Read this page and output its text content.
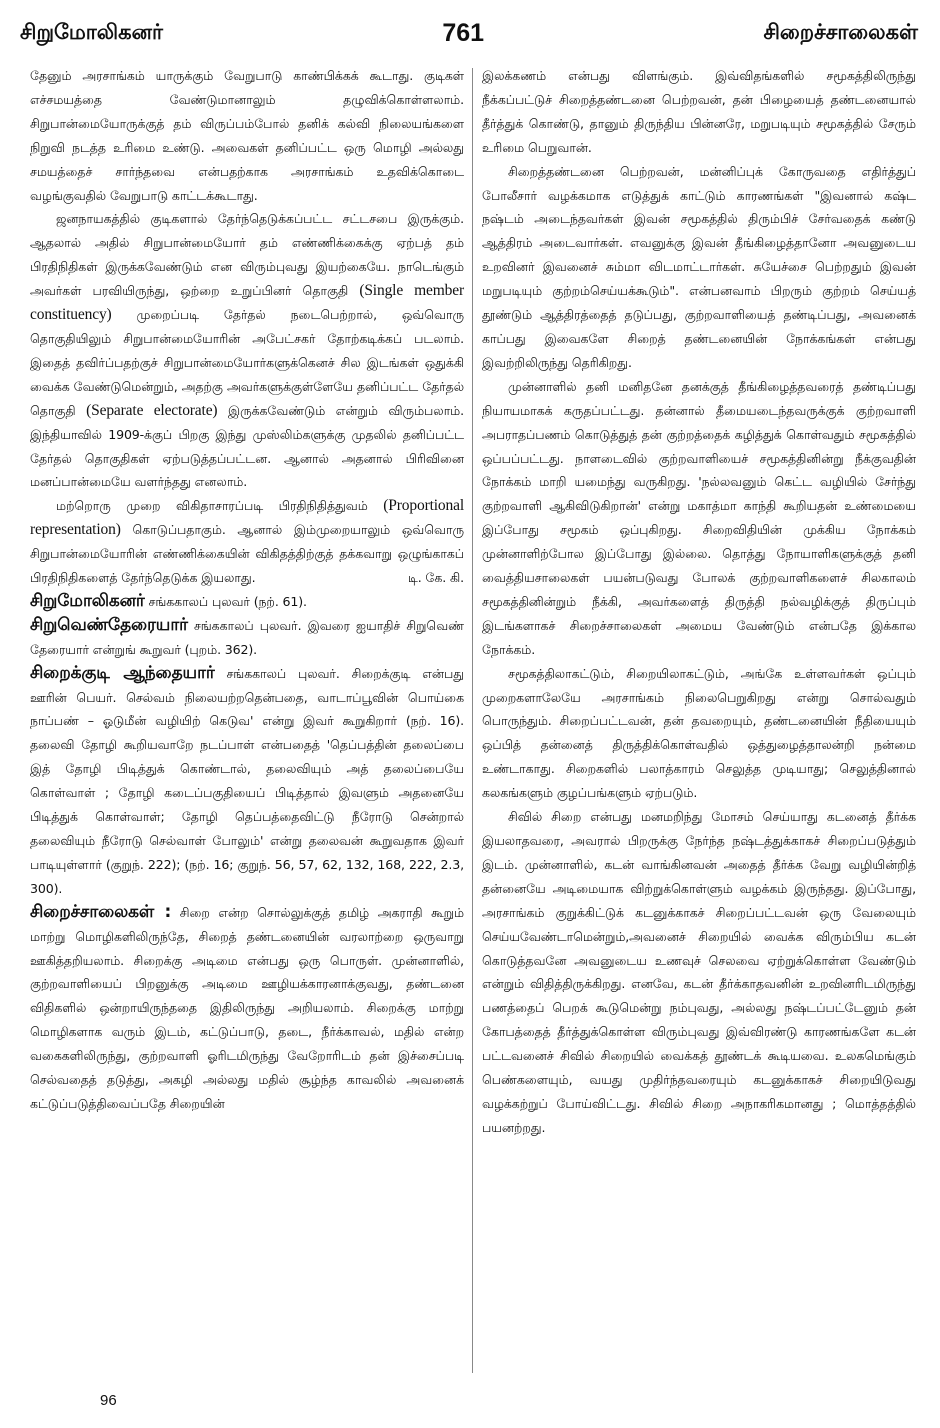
சிறுமோலிகனர்	761	சிறைச்சாலைகள்

தேனும் அரசாங்கம் யாருக்கும் வேறுபாடு காண்பிக்கக் கூடாது. குடிகள் எச்சமயத்தை வேண்டுமானாலும் தழுவிக்கொள்ளலாம். சிறுபான்மையோருக்குத் தம் விருப்பம்போல் தனிக் கல்வி நிலையங்களை நிறுவி நடத்த உரிமை உண்டு. அவைகள் தனிப்பட்ட ஒரு மொழி அல்லது சமயத்தைச் சார்ந்தவை என்பதற்காக அரசாங்கம் உதவிக்கொடை வழங்குவதில் வேறுபாடு காட்டக்கூடாது.

ஜனநாயகத்தில் குடிகளால் தேர்ந்தெடுக்கப்பட்ட சட்டசபை இருக்கும். ஆதலால் அதில் சிறுபான்மையோர் தம் எண்ணிக்கைக்கு ஏற்பத் தம் பிரதிநிதிகள் இருக்கவேண்டும் என விரும்புவது இயற்கையே. நாடெங்கும் அவர்கள் பரவியிருந்து, ஒற்றை உறுப்பினர் தொகுதி (Single member constituency) முறைப்படி தேர்தல் நடைபெற்றால், ஒவ்வொரு தொகுதியிலும் சிறுபான்மையோரின் அபேட்சகர் தோற்கடிக்கப் படலாம். இதைத் தவிர்ப்பதற்குச் சிறுபான்மையோர்களுக்கெனச் சில இடங்கள் ஒதுக்கி வைக்க வேண்டுமென்றும், அதற்கு அவர்களுக்குள்ளேயே தனிப்பட்ட தேர்தல் தொகுதி (Separate electorate) இருக்கவேண்டும் என்றும் விரும்பலாம். இந்தியாவில் 1909-க்குப் பிறகு இந்து முஸ்லிம்களுக்கு முதலில் தனிப்பட்ட தேர்தல் தொகுதிகள் ஏற்படுத்தப்பட்டன. ஆனால் அதனால் பிரிவினை மனப்பான்மையே வளர்ந்தது எனலாம்.

மற்றொரு முறை விகிதாசாரப்படி பிரதிநிதித்துவம் (Proportional representation) கொடுப்பதாகும். ஆனால் இம்முறையாலும் ஒவ்வொரு சிறுபான்மையோரின் எண்ணிக்கையின் விகிதத்திற்குத் தக்கவாறு ஒழுங்காகப் பிரதிநிதிகளைத் தேர்ந்தெடுக்க இயலாது.	டி. கே. கி.

சிறுமோலிகனர் சங்ககாலப் புலவர் (நற். 61).

சிறுவெண்தேரையார் சங்ககாலப் புலவர். இவரை ஐயாதிச் சிறுவெண் தேரையார் என்றுங் கூறுவர் (புறம். 362).

சிறைக்குடி ஆந்தையார் சங்ககாலப் புலவர். சிறைக்குடி என்பது ஊரின் பெயர். செல்வம் நிலையற்றதென்பதை, வாடாப்பூவின் பொய்கை நாப்பண் – ஓடுமீன் வழியிற் கெடுவ' என்று இவர் கூறுகிறார் (நற். 16). தலைவி தோழி கூறியவாறே நடப்பாள் என்பதைத் 'தெப்பத்தின் தலைப்பை இத் தோழி பிடித்துக் கொண்டால், தலைவியும் அத் தலைப்பையே கொள்வாள் ; தோழி கடைப்பகுதியைப் பிடித்தால் இவளும் அதனையே பிடித்துக் கொள்வாள்; தோழி தெப்பத்தைவிட்டு நீரோடு சென்றால் தலைவியும் நீரோடு செல்வாள் போலும்' என்று தலைவன் கூறுவதாக இவர் பாடியுள்ளார் (குறுந். 222); (நற். 16; குறுந். 56, 57, 62, 132, 168, 222, 2.3, 300).

சிறைச்சாலைகள் : சிறை என்ற சொல்லுக்குத் தமிழ் அகராதி கூறும் மாற்று மொழிகளிலிருந்தே, சிறைத் தண்டனையின் வரலாற்றை ஒருவாறு ஊகித்தறியலாம். சிறைக்கு அடிமை என்பது ஒரு பொருள். முன்னாளில், குற்றவாளியைப் பிறனுக்கு அடிமை ஊழியக்காரனாக்குவது, தண்டனை விதிகளில் ஒன்றாயிருந்ததை இதிலிருந்து அறியலாம். சிறைக்கு மாற்று மொழிகளாக வரும் இடம், கட்டுப்பாடு, தடை, நீர்க்காவல், மதில் என்ற வகைகளிலிருந்து, குற்றவாளி ஓரிடமிருந்து வேறோரிடம் தன் இச்சைப்படி செல்வதைத் தடுத்து, அகழி அல்லது மதில் சூழ்ந்த காவலில் அவனைக் கட்டுப்படுத்திவைப்பதே சிறையின்

இலக்கணம் என்பது விளங்கும். இவ்விதங்களில் சமூகத்திலிருந்து நீக்கப்பட்டுச் சிறைத்தண்டனை பெற்றவன், தன் பிழையைத் தண்டனையால் தீர்த்துக் கொண்டு, தானும் திருந்திய பின்னரே, மறுபடியும் சமூகத்தில் சேரும் உரிமை பெறுவான்.

சிறைத்தண்டனை பெற்றவன், மன்னிப்புக் கோருவதை எதிர்த்துப் போலீசார் வழக்கமாக எடுத்துக் காட்டும் காரணங்கள் "இவனால் கஷ்ட நஷ்டம் அடைந்தவர்கள் இவன் சமூகத்தில் திரும்பிச் சேர்வதைக் கண்டு ஆத்திரம் அடைவார்கள். எவனுக்கு இவன் தீங்கிழைத்தானோ அவனுடைய உறவினர் இவனைச் சும்மா விடமாட்டார்கள். சுயேச்சை பெற்றதும் இவன் மறுபடியும் குற்றம்செய்யக்கூடும்". என்பனவாம் பிறரும் குற்றம் செய்யத் தூண்டும் ஆத்திரத்தைத் தடுப்பது, குற்றவாளியைத் தண்டிப்பது, அவனைக் காப்பது இவைகளே சிறைத் தண்டனையின் நோக்கங்கள் என்பது இவற்றிலிருந்து தெரிகிறது.

முன்னாளில் தனி மனிதனே தனக்குத் தீங்கிழைத்தவரைத் தண்டிப்பது நியாயமாகக் கருதப்பட்டது. தன்னால் தீமையடைந்தவருக்குக் குற்றவாளி அபராதப்பணம் கொடுத்துத் தன் குற்றத்தைக் கழித்துக் கொள்வதும் சமூகத்தில் ஒப்பப்பட்டது. நாளடைவில் குற்றவாளியைச் சமூகத்தினின்று நீக்குவதின் நோக்கம் மாறி யமைந்து வருகிறது. 'நல்லவனும் கெட்ட வழியில் சேர்ந்து குற்றவாளி ஆகிவிடுகிறான்' என்று மகாத்மா காந்தி கூறியதன் உண்மையை இப்போது சமூகம் ஒப்புகிறது. சிறைவிதியின் முக்கிய நோக்கம் முன்னாளிற்போல இப்போது இல்லை. தொத்து நோயாளிகளுக்குத் தனி வைத்தியசாலைகள் பயன்படுவது போலக் குற்றவாளிகளைச் சிலகாலம் சமூகத்தினின்றும் நீக்கி, அவர்களைத் திருத்தி நல்வழிக்குத் திருப்பும் இடங்களாகச் சிறைச்சாலைகள் அமைய வேண்டும் என்பதே இக்கால நோக்கம்.

சமூகத்திலாகட்டும், சிறையிலாகட்டும், அங்கே உள்ளவர்கள் ஒப்பும் முறைகளாலேயே அரசாங்கம் நிலைபெறுகிறது என்று சொல்வதும் பொருந்தும். சிறைப்பட்டவன், தன் தவறையும், தண்டனையின் நீதியையும் ஒப்பித் தன்னைத் திருத்திக்கொள்வதில் ஒத்துழைத்தாலன்றி நன்மை உண்டாகாது. சிறைகளில் பலாத்காரம் செலுத்த முடியாது; செலுத்தினால் கலகங்களும் குழப்பங்களும் ஏற்படும்.

சிவில் சிறை என்பது மனமறிந்து மோசம் செய்யாது கடனைத் தீர்க்க இயலாதவரை, அவரால் பிறருக்கு நேர்ந்த நஷ்டத்துக்காகச் சிறைப்படுத்தும் இடம். முன்னாளில், கடன் வாங்கினவன் அதைத் தீர்க்க வேறு வழியின்றித் தன்னையே அடிமையாக விற்றுக்கொள்ளும் வழக்கம் இருந்தது. இப்போது, அரசாங்கம் குறுக்கிட்டுக் கடனுக்காகச் சிறைப்பட்டவன் ஒரு வேலையும் செய்யவேண்டாமென்றும்,அவனைச் சிறையில் வைக்க விரும்பிய கடன் கொடுத்தவனே அவனுடைய உணவுச் செலவை ஏற்றுக்கொள்ள வேண்டும் என்றும் விதித்திருக்கிறது. எனவே, கடன் தீர்க்காதவனின் உறவினரிடமிருந்து பணத்தைப் பெறக் கூடுமென்று நம்புவது, அல்லது நஷ்டப்பட்டேனும் தன் கோபத்தைத் தீர்த்துக்கொள்ள விரும்புவது இவ்விரண்டு காரணங்களே கடன் பட்டவனைச் சிவில் சிறையில் வைக்கத் தூண்டக் கூடியவை. உலகமெங்கும் பெண்களையும், வயது முதிர்ந்தவரையும் கடனுக்காகச் சிறையிடுவது வழக்கற்றுப் போய்விட்டது. சிவில் சிறை அநாகரிகமானது ; மொத்தத்தில் பயனற்றது.

96
